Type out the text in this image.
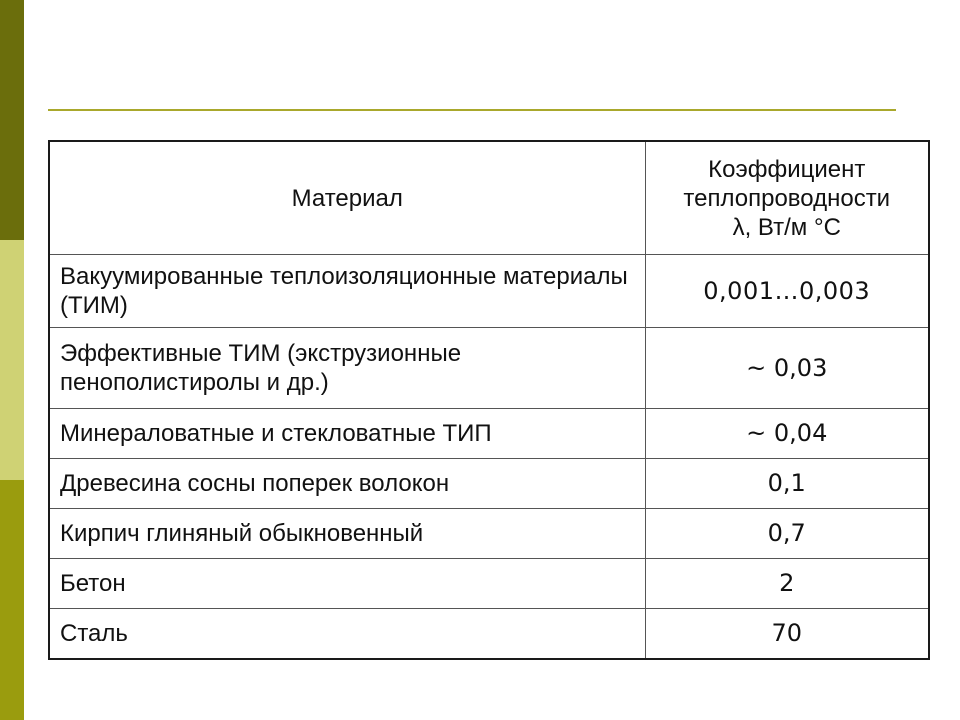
Материал	Коэффициент
теплопроводности
λ, Вт/м °С

Вакуумированные теплоизоляционные материалы (ТИМ)	0,001…0,003
Эффективные ТИМ (экструзионные пенополистиролы и др.)	~ 0,03
Минераловатные и стекловатные ТИП	~ 0,04
Древесина сосны поперек волокон	0,1
Кирпич глиняный обыкновенный	0,7
Бетон	2
Сталь	70
